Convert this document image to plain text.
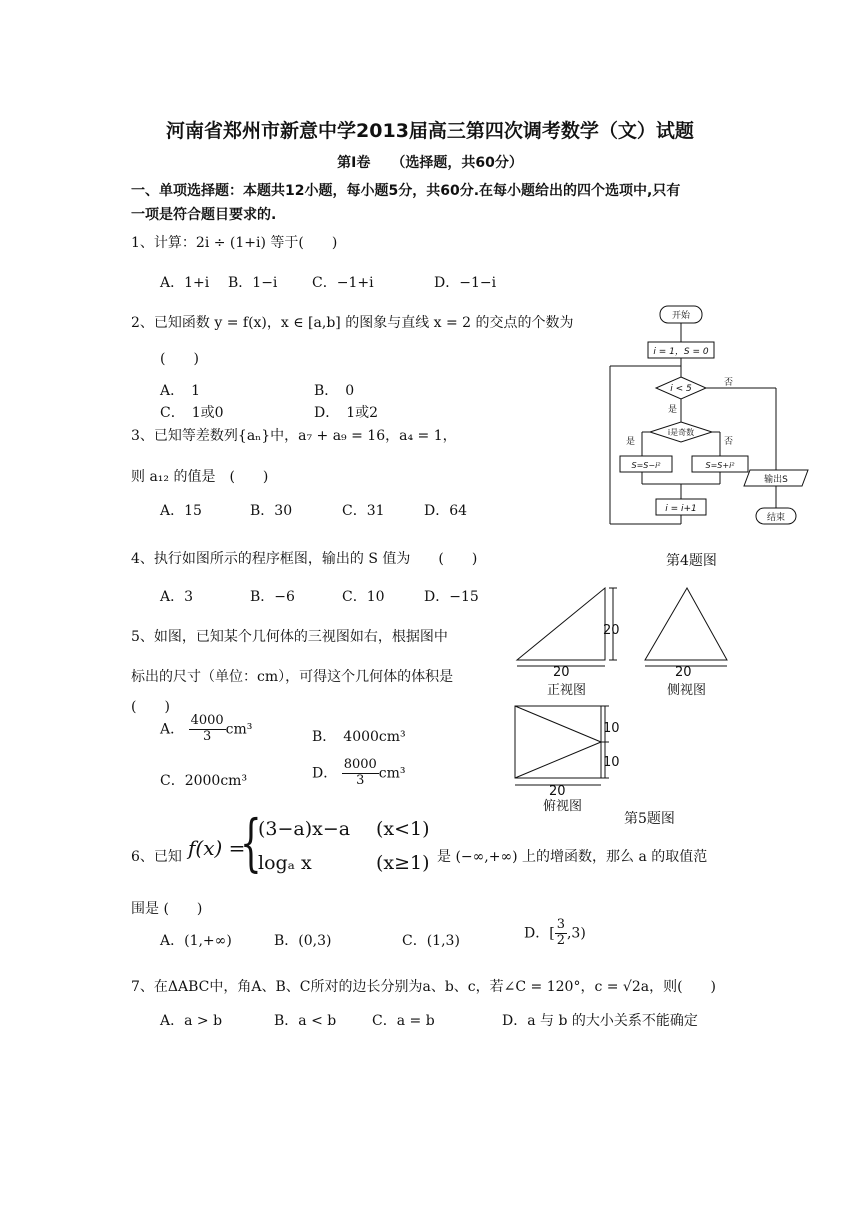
河南省郑州市新意中学2013届高三第四次调考数学（文）试题
第Ⅰ卷　　（选择题，共60分）
一、单项选择题：本题共12小题，每小题5分，共60分.在每小题给出的四个选项中,只有
一项是符合题目要求的.
1、计算：2i ÷ (1+i) 等于(　　)
A．1+i B．1−i C．−1+i	D．−1−i
2、已知函数 y = f(x)，x ∈ [a,b] 的图象与直线 x = 2 的交点的个数为
(　　)
A．　1	B．　0
C．　1或0	D．　1或2
3、已知等差数列{aₙ}中，a₇ + a₉ = 16，a₄ = 1，
则 a₁₂ 的值是　(　　)
A．15	B．30	C．31	D．64
4、执行如图所示的程序框图，输出的 S 值为　　(　　)
A．3	B．−6	C．10	D．−15
第4题图
5、如图，已知某个几何体的三视图如右，根据图中
标出的尺寸（单位：cm），可得这个几何体的体积是
(　　)
A． $\frac{4000}{3} cm^3$	B．　4000cm³
C．2000cm³	D． $\frac{8000}{3} cm^3$
第5题图
6、已知 f(x) =
{
(3−a)x−a (x<1)
logₐ x	(x≥1) 是 (−∞,+∞) 上的增函数，那么 a 的取值范
围是 (　　)
A．(1,+∞)	B．(0,3)	C．(1,3)	D．[ $\frac{3}{2} ,3$)
7、在ΔABC中，角A、B、C所对的边长分别为a、b、c，若∠C = 120°，c = √2a，则(　　)
A．a > b	B．a < b	C．a = b	D．a 与 b 的大小关系不能确定
开始
i = 1，S = 0
i < 5
否
是
i是奇数
是	否
S=S−i²	S=S+i²
i = i+1
输出S
结束
20
20
正视图
20
侧视图
10
10
20
俯视图
